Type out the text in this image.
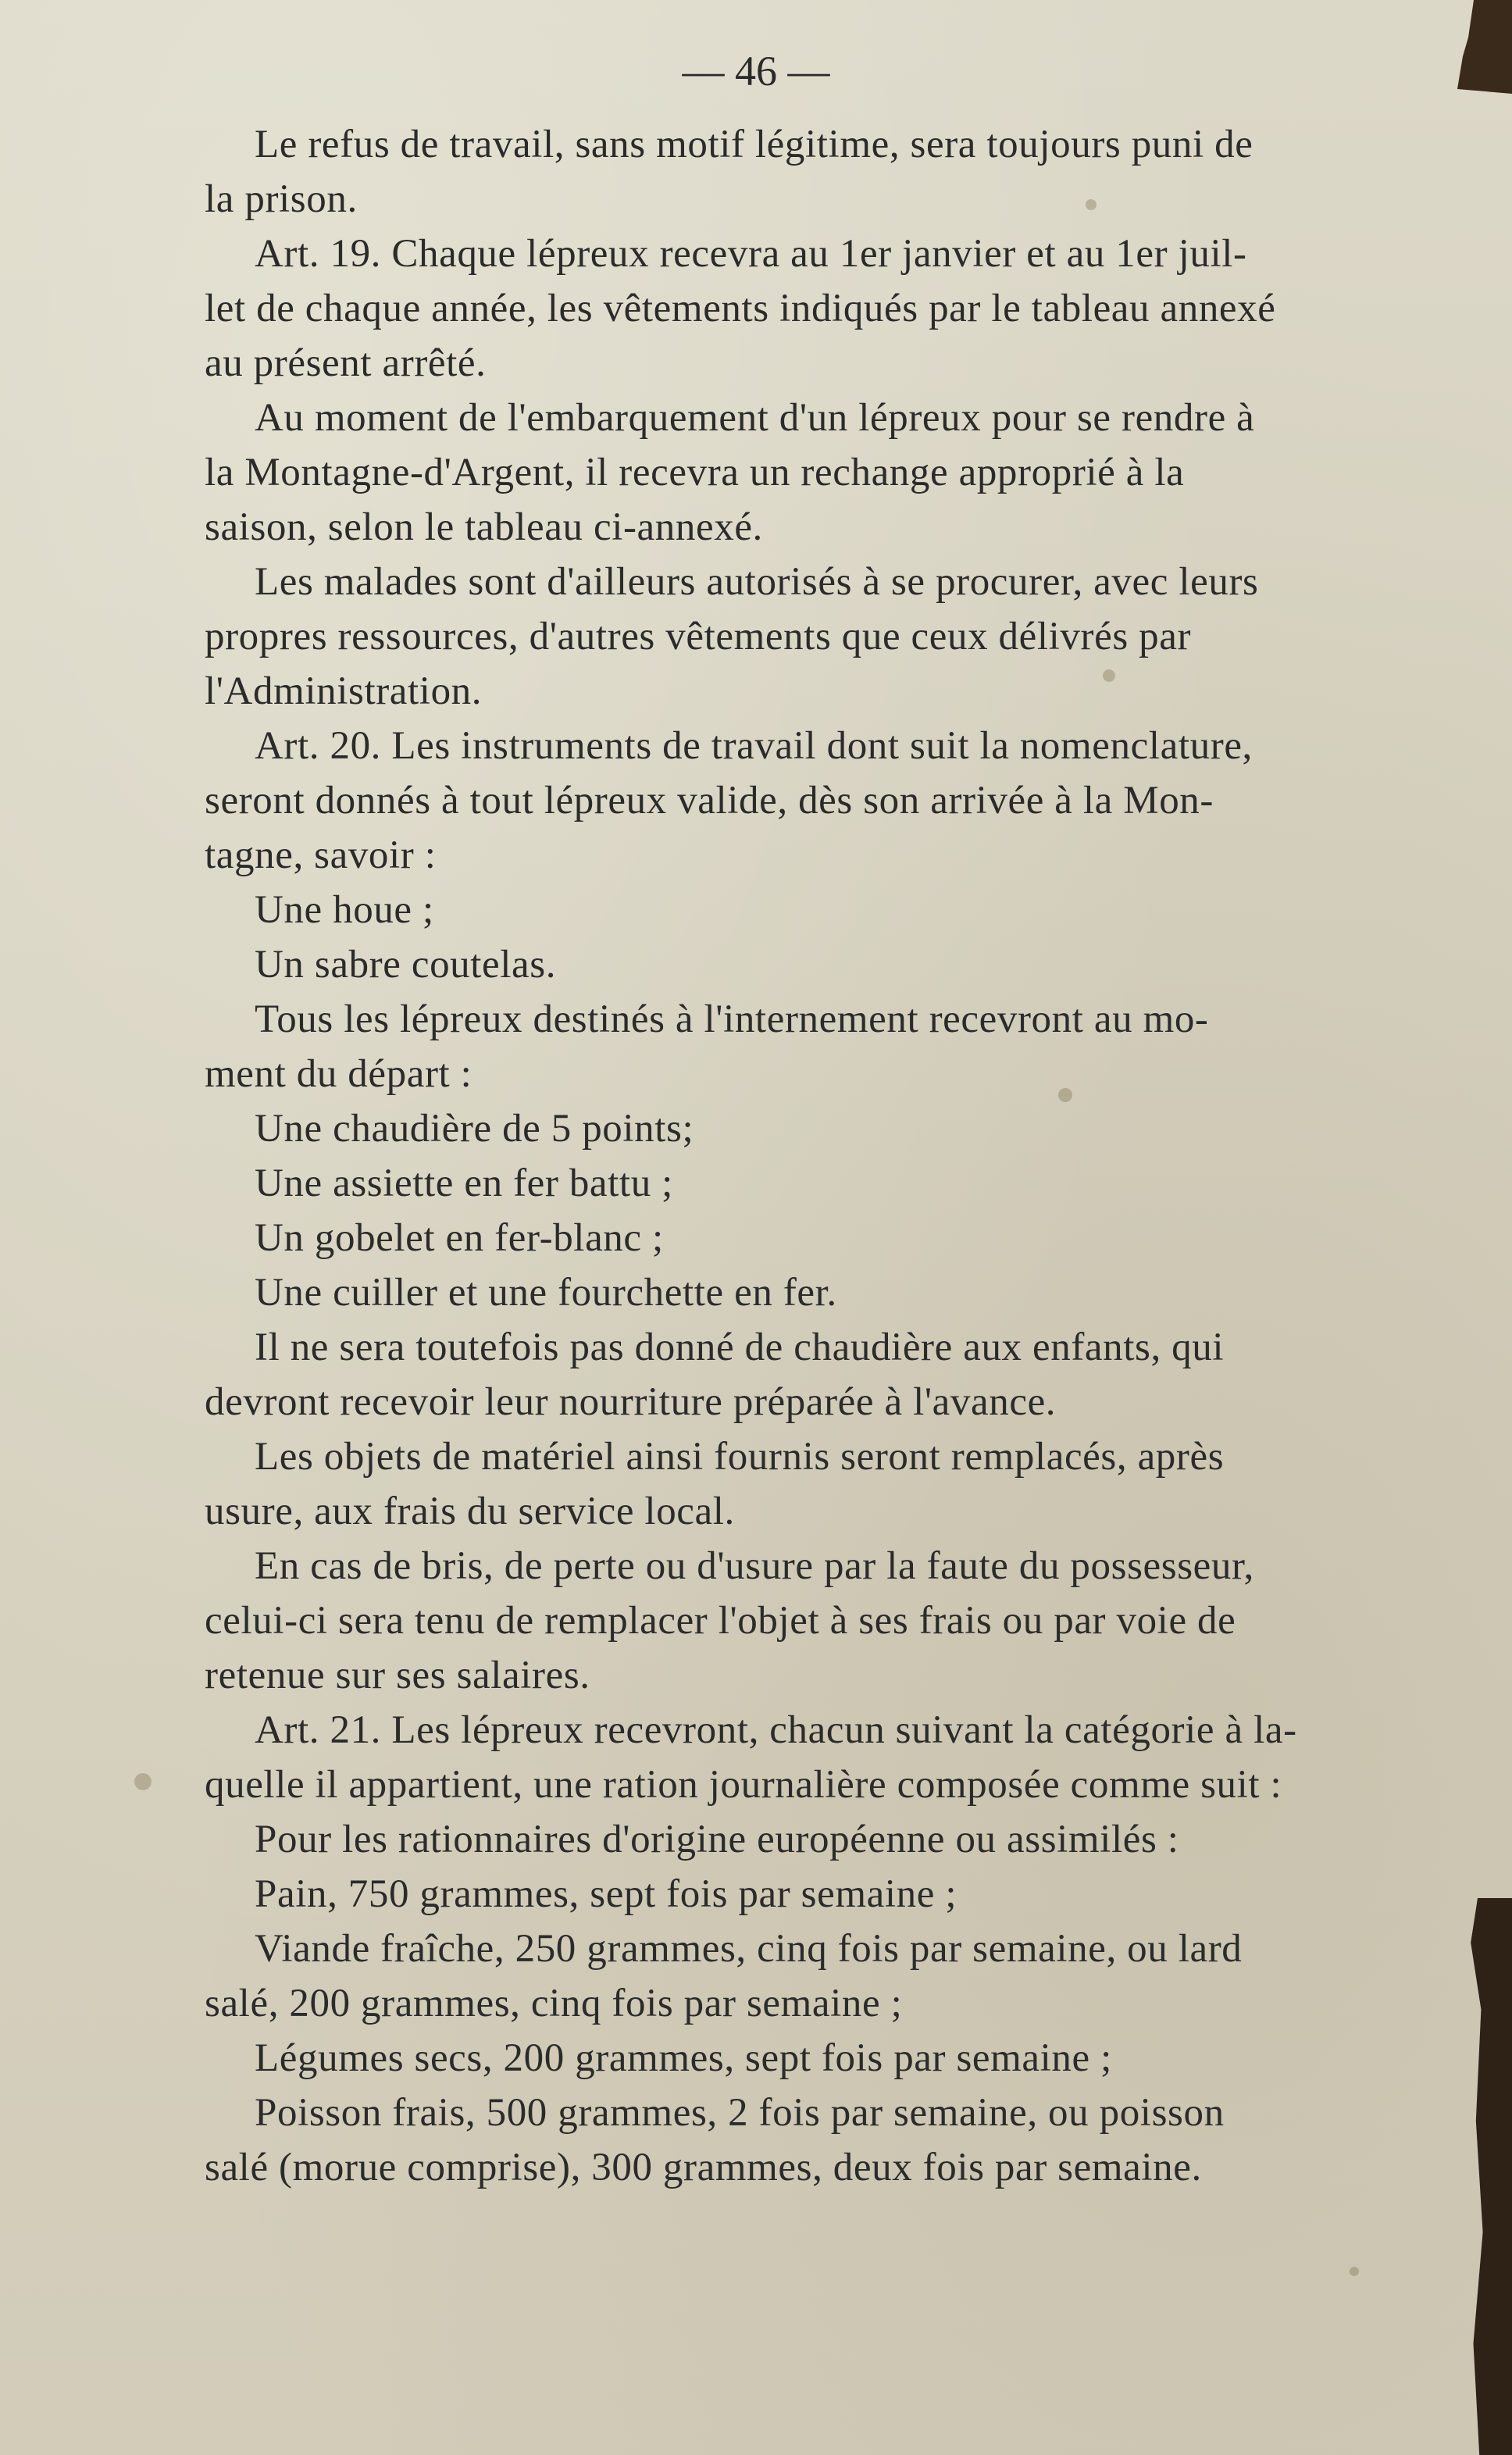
— 46 —
Le refus de travail, sans motif légitime, sera toujours puni de
la prison.
Art. 19. Chaque lépreux recevra au 1er janvier et au 1er juil-
let de chaque année, les vêtements indiqués par le tableau annexé
au présent arrêté.
Au moment de l'embarquement d'un lépreux pour se rendre à
la Montagne-d'Argent, il recevra un rechange approprié à la
saison, selon le tableau ci-annexé.
Les malades sont d'ailleurs autorisés à se procurer, avec leurs
propres ressources, d'autres vêtements que ceux délivrés par
l'Administration.
Art. 20. Les instruments de travail dont suit la nomenclature,
seront donnés à tout lépreux valide, dès son arrivée à la Mon-
tagne, savoir :
Une houe ;
Un sabre coutelas.
Tous les lépreux destinés à l'internement recevront au mo-
ment du départ :
Une chaudière de 5 points;
Une assiette en fer battu ;
Un gobelet en fer-blanc ;
Une cuiller et une fourchette en fer.
Il ne sera toutefois pas donné de chaudière aux enfants, qui
devront recevoir leur nourriture préparée à l'avance.
Les objets de matériel ainsi fournis seront remplacés, après
usure, aux frais du service local.
En cas de bris, de perte ou d'usure par la faute du possesseur,
celui-ci sera tenu de remplacer l'objet à ses frais ou par voie de
retenue sur ses salaires.
Art. 21. Les lépreux recevront, chacun suivant la catégorie à la-
quelle il appartient, une ration journalière composée comme suit :
Pour les rationnaires d'origine européenne ou assimilés :
Pain, 750 grammes, sept fois par semaine ;
Viande fraîche, 250 grammes, cinq fois par semaine, ou lard
salé, 200 grammes, cinq fois par semaine ;
Légumes secs, 200 grammes, sept fois par semaine ;
Poisson frais, 500 grammes, 2 fois par semaine, ou poisson
salé (morue comprise), 300 grammes, deux fois par semaine.
